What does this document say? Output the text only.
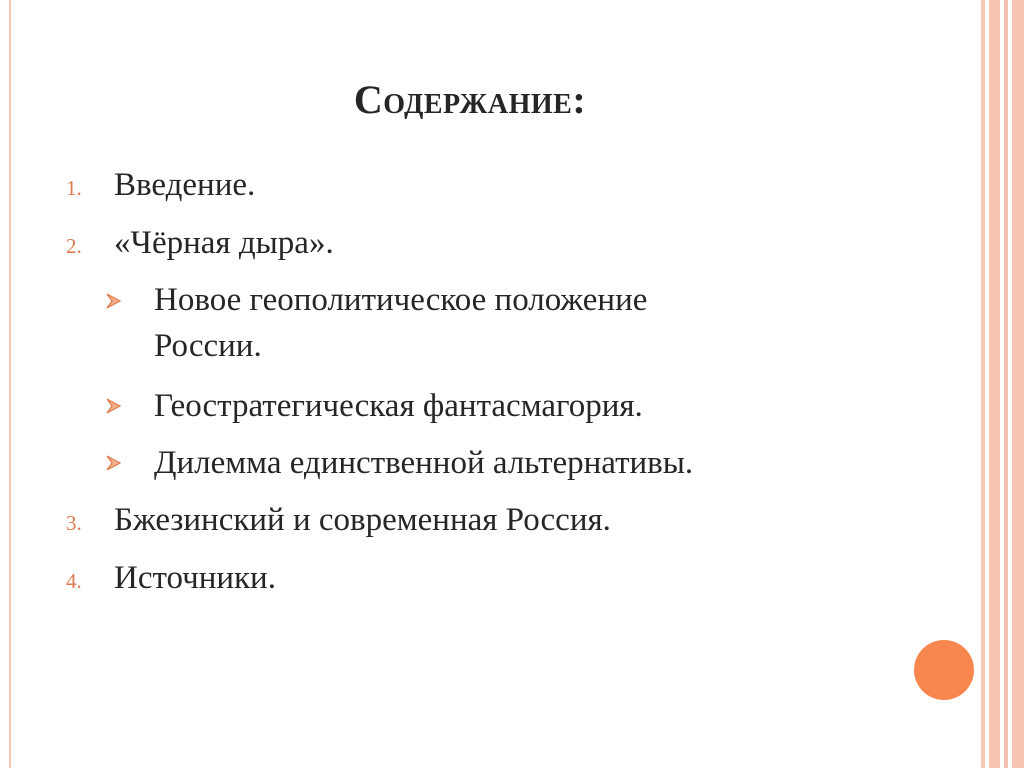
Содержание:
1. Введение.
2. «Чёрная дыра».
Новое геополитическое положение
России.
Геостратегическая фантасмагория.
Дилемма единственной альтернативы.
3. Бжезинский и современная Россия.
4. Источники.
